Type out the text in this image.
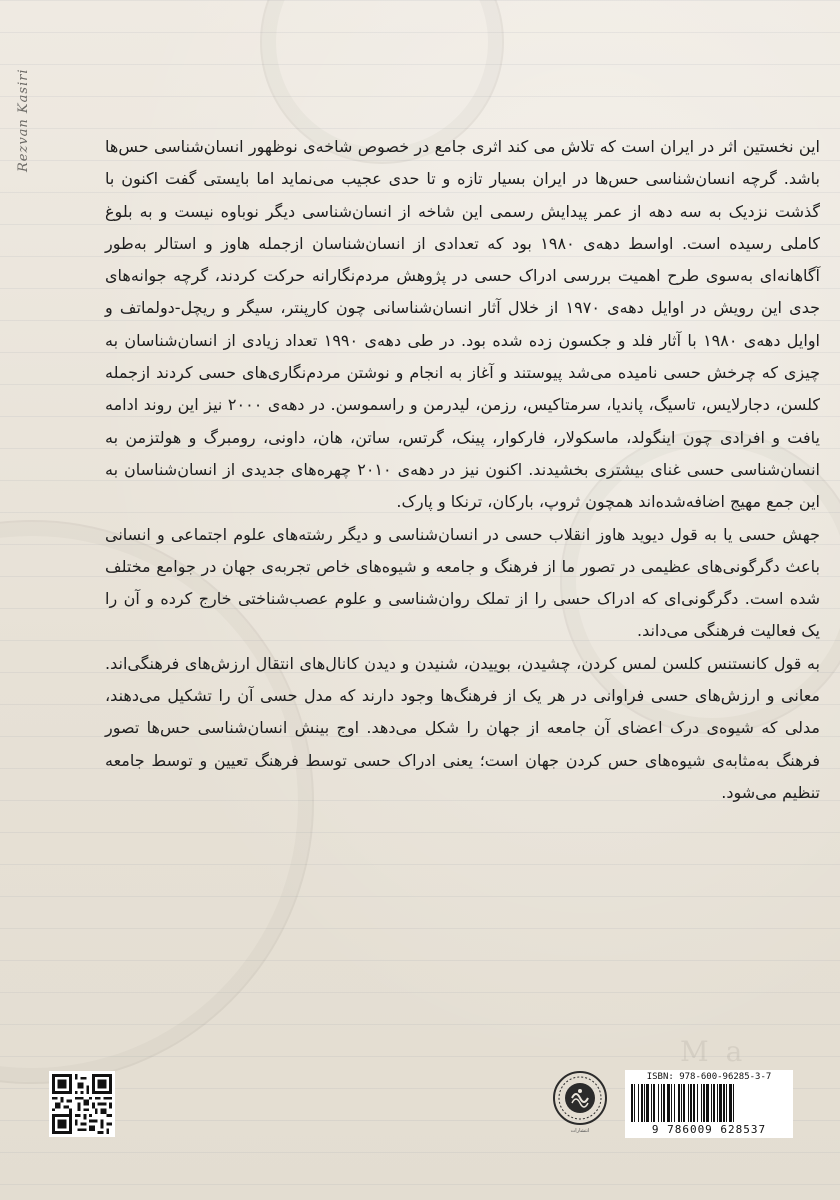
M a
Rezvan Kasiri	این نخستین اثر در ایران است که تلاش می کند اثری جامع در خصوص شاخه‌ی نوظهور انسان‌شناسی حس‌ها باشد. گرچه انسان‌شناسی حس‌ها در ایران بسیار تازه و تا حدی عجیب می‌نماید اما بایستی گفت اکنون با گذشت نزدیک به سه دهه از عمر پیدایش رسمی این شاخه از انسان‌شناسی دیگر نوباوه نیست و به بلوغ کاملی رسیده است. اواسط دهه‌ی ۱۹۸۰ بود که تعدادی از انسان‌شناسان ازجمله هاوز و استالر به‌طور آگاهانه‌ای به‌سوی طرح اهمیت بررسی ادراک حسی در پژوهش مردم‌نگارانه حرکت کردند، گرچه جوانه‌های جدی این رویش در اوایل دهه‌ی ۱۹۷۰ از خلال آثار انسان‌شناسانی چون کارپنتر، سیگر و ریچل-دولماتف و اوایل دهه‌ی ۱۹۸۰ با آثار فلد و جکسون زده شده بود. در طی دهه‌ی ۱۹۹۰ تعداد زیادی از انسان‌شناسان به چیزی که چرخش حسی نامیده می‌شد پیوستند و آغاز به انجام و نوشتن مردم‌نگاری‌های حسی کردند ازجمله کلسن، دجارلایس، تاسیگ، پاندیا، سرمتاکیس، رزمن، لیدرمن و راسموسن. در دهه‌ی ۲۰۰۰ نیز این روند ادامه یافت و افرادی چون اینگولد، ماسکولار، فارکوار، پینک، گرتس، ساتن، هان، داونی، رومبرگ و هولتزمن به انسان‌شناسی حسی غنای بیشتری بخشیدند. اکنون نیز در دهه‌ی ۲۰۱۰ چهره‌های جدیدی از انسان‌شناسان به این جمع مهیج اضافه‌شده‌اند همچون ثروپ، بارکان، ترنکا و پارک.

جهش حسی یا به قول دیوید هاوز انقلاب حسی در انسان‌شناسی و دیگر رشته‌های علوم اجتماعی و انسانی باعث دگرگونی‌های عظیمی در تصور ما از فرهنگ و جامعه و شیوه‌های خاص تجربه‌ی جهان در جوامع مختلف شده است. دگرگونی‌ای که ادراک حسی را از تملک روان‌شناسی و علوم عصب‌شناختی خارج کرده و آن را یک فعالیت فرهنگی می‌داند.

به قول کانستنس کلسن لمس کردن، چشیدن، بوییدن، شنیدن و دیدن کانال‌های انتقال ارزش‌های فرهنگی‌اند. معانی و ارزش‌های حسی فراوانی در هر یک از فرهنگ‌ها وجود دارند که مدل حسی آن را تشکیل می‌دهند، مدلی که شیوه‌ی درک اعضای آن جامعه از جهان را شکل می‌دهد. اوج بینش انسان‌شناسی حس‌ها تصور فرهنگ به‌مثابه‌ی شیوه‌های حس کردن جهان است؛ یعنی ادراک حسی توسط فرهنگ تعیین و توسط جامعه تنظیم می‌شود.

انتشارات
ISBN: 978-600-96285-3-7
9 786009 628537
